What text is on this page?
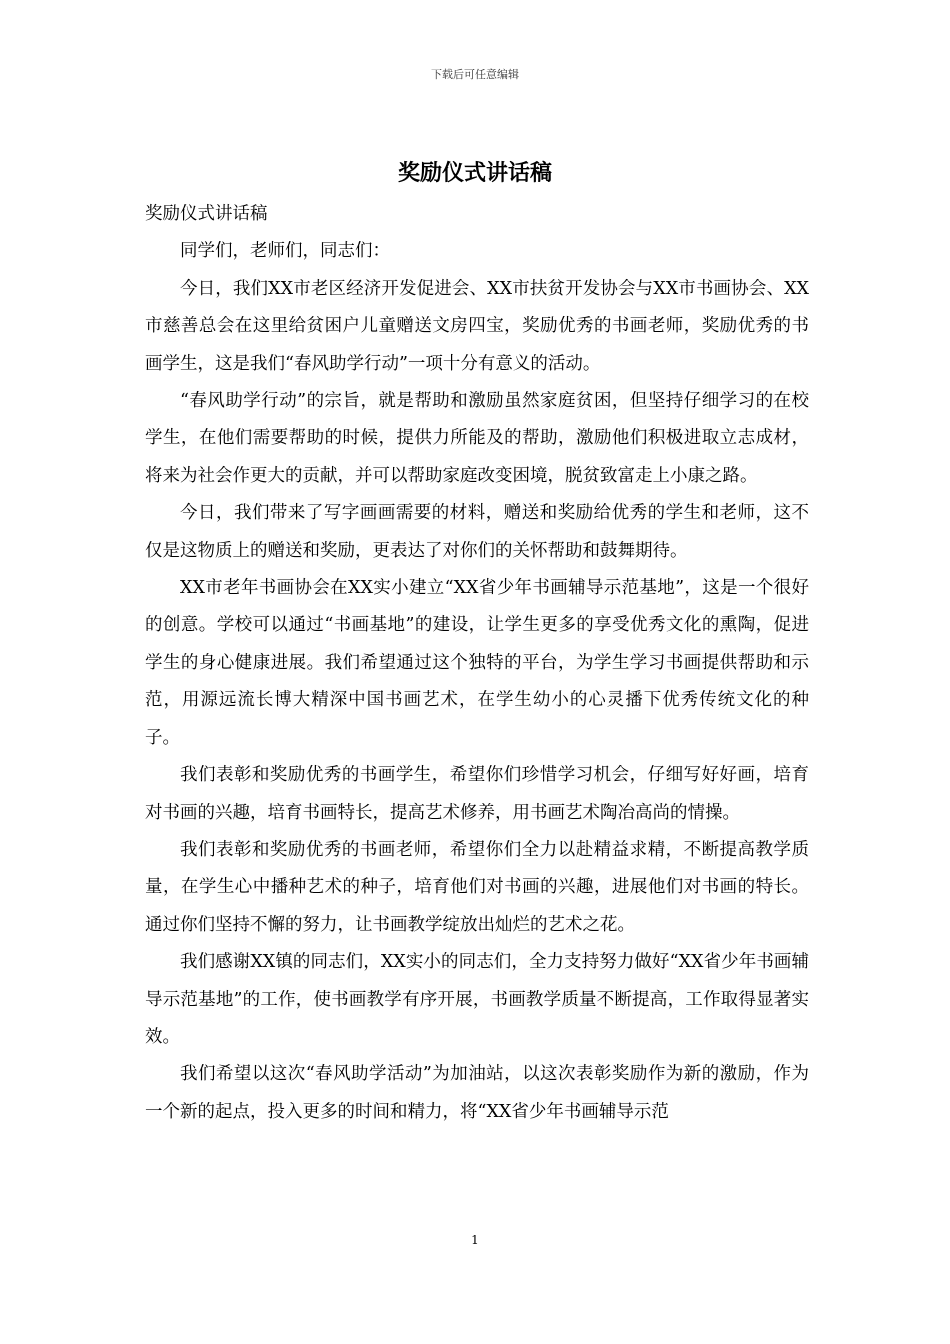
下载后可任意编辑
奖励仪式讲话稿

奖励仪式讲话稿

同学们，老师们，同志们：

今日，我们XX市老区经济开发促进会、XX市扶贫开发协会与XX市书画协会、XX市慈善总会在这里给贫困户儿童赠送文房四宝，奖励优秀的书画老师，奖励优秀的书画学生，这是我们“春风助学行动”一项十分有意义的活动。

“春风助学行动”的宗旨，就是帮助和激励虽然家庭贫困，但坚持仔细学习的在校学生，在他们需要帮助的时候，提供力所能及的帮助，激励他们积极进取立志成材，将来为社会作更大的贡献，并可以帮助家庭改变困境，脱贫致富走上小康之路。

今日，我们带来了写字画画需要的材料，赠送和奖励给优秀的学生和老师，这不仅是这物质上的赠送和奖励，更表达了对你们的关怀帮助和鼓舞期待。

XX市老年书画协会在XX实小建立“XX省少年书画辅导示范基地”，这是一个很好的创意。学校可以通过“书画基地”的建设，让学生更多的享受优秀文化的熏陶，促进学生的身心健康进展。我们希望通过这个独特的平台，为学生学习书画提供帮助和示范，用源远流长博大精深中国书画艺术，在学生幼小的心灵播下优秀传统文化的种子。

我们表彰和奖励优秀的书画学生，希望你们珍惜学习机会，仔细写好好画，培育对书画的兴趣，培育书画特长，提高艺术修养，用书画艺术陶冶高尚的情操。

我们表彰和奖励优秀的书画老师，希望你们全力以赴精益求精，不断提高教学质量，在学生心中播种艺术的种子，培育他们对书画的兴趣，进展他们对书画的特长。通过你们坚持不懈的努力，让书画教学绽放出灿烂的艺术之花。

我们感谢XX镇的同志们，XX实小的同志们，全力支持努力做好“XX省少年书画辅导示范基地”的工作，使书画教学有序开展，书画教学质量不断提高，工作取得显著实效。

我们希望以这次“春风助学活动”为加油站，以这次表彰奖励作为新的激励，作为一个新的起点，投入更多的时间和精力，将“XX省少年书画辅导示范

1
